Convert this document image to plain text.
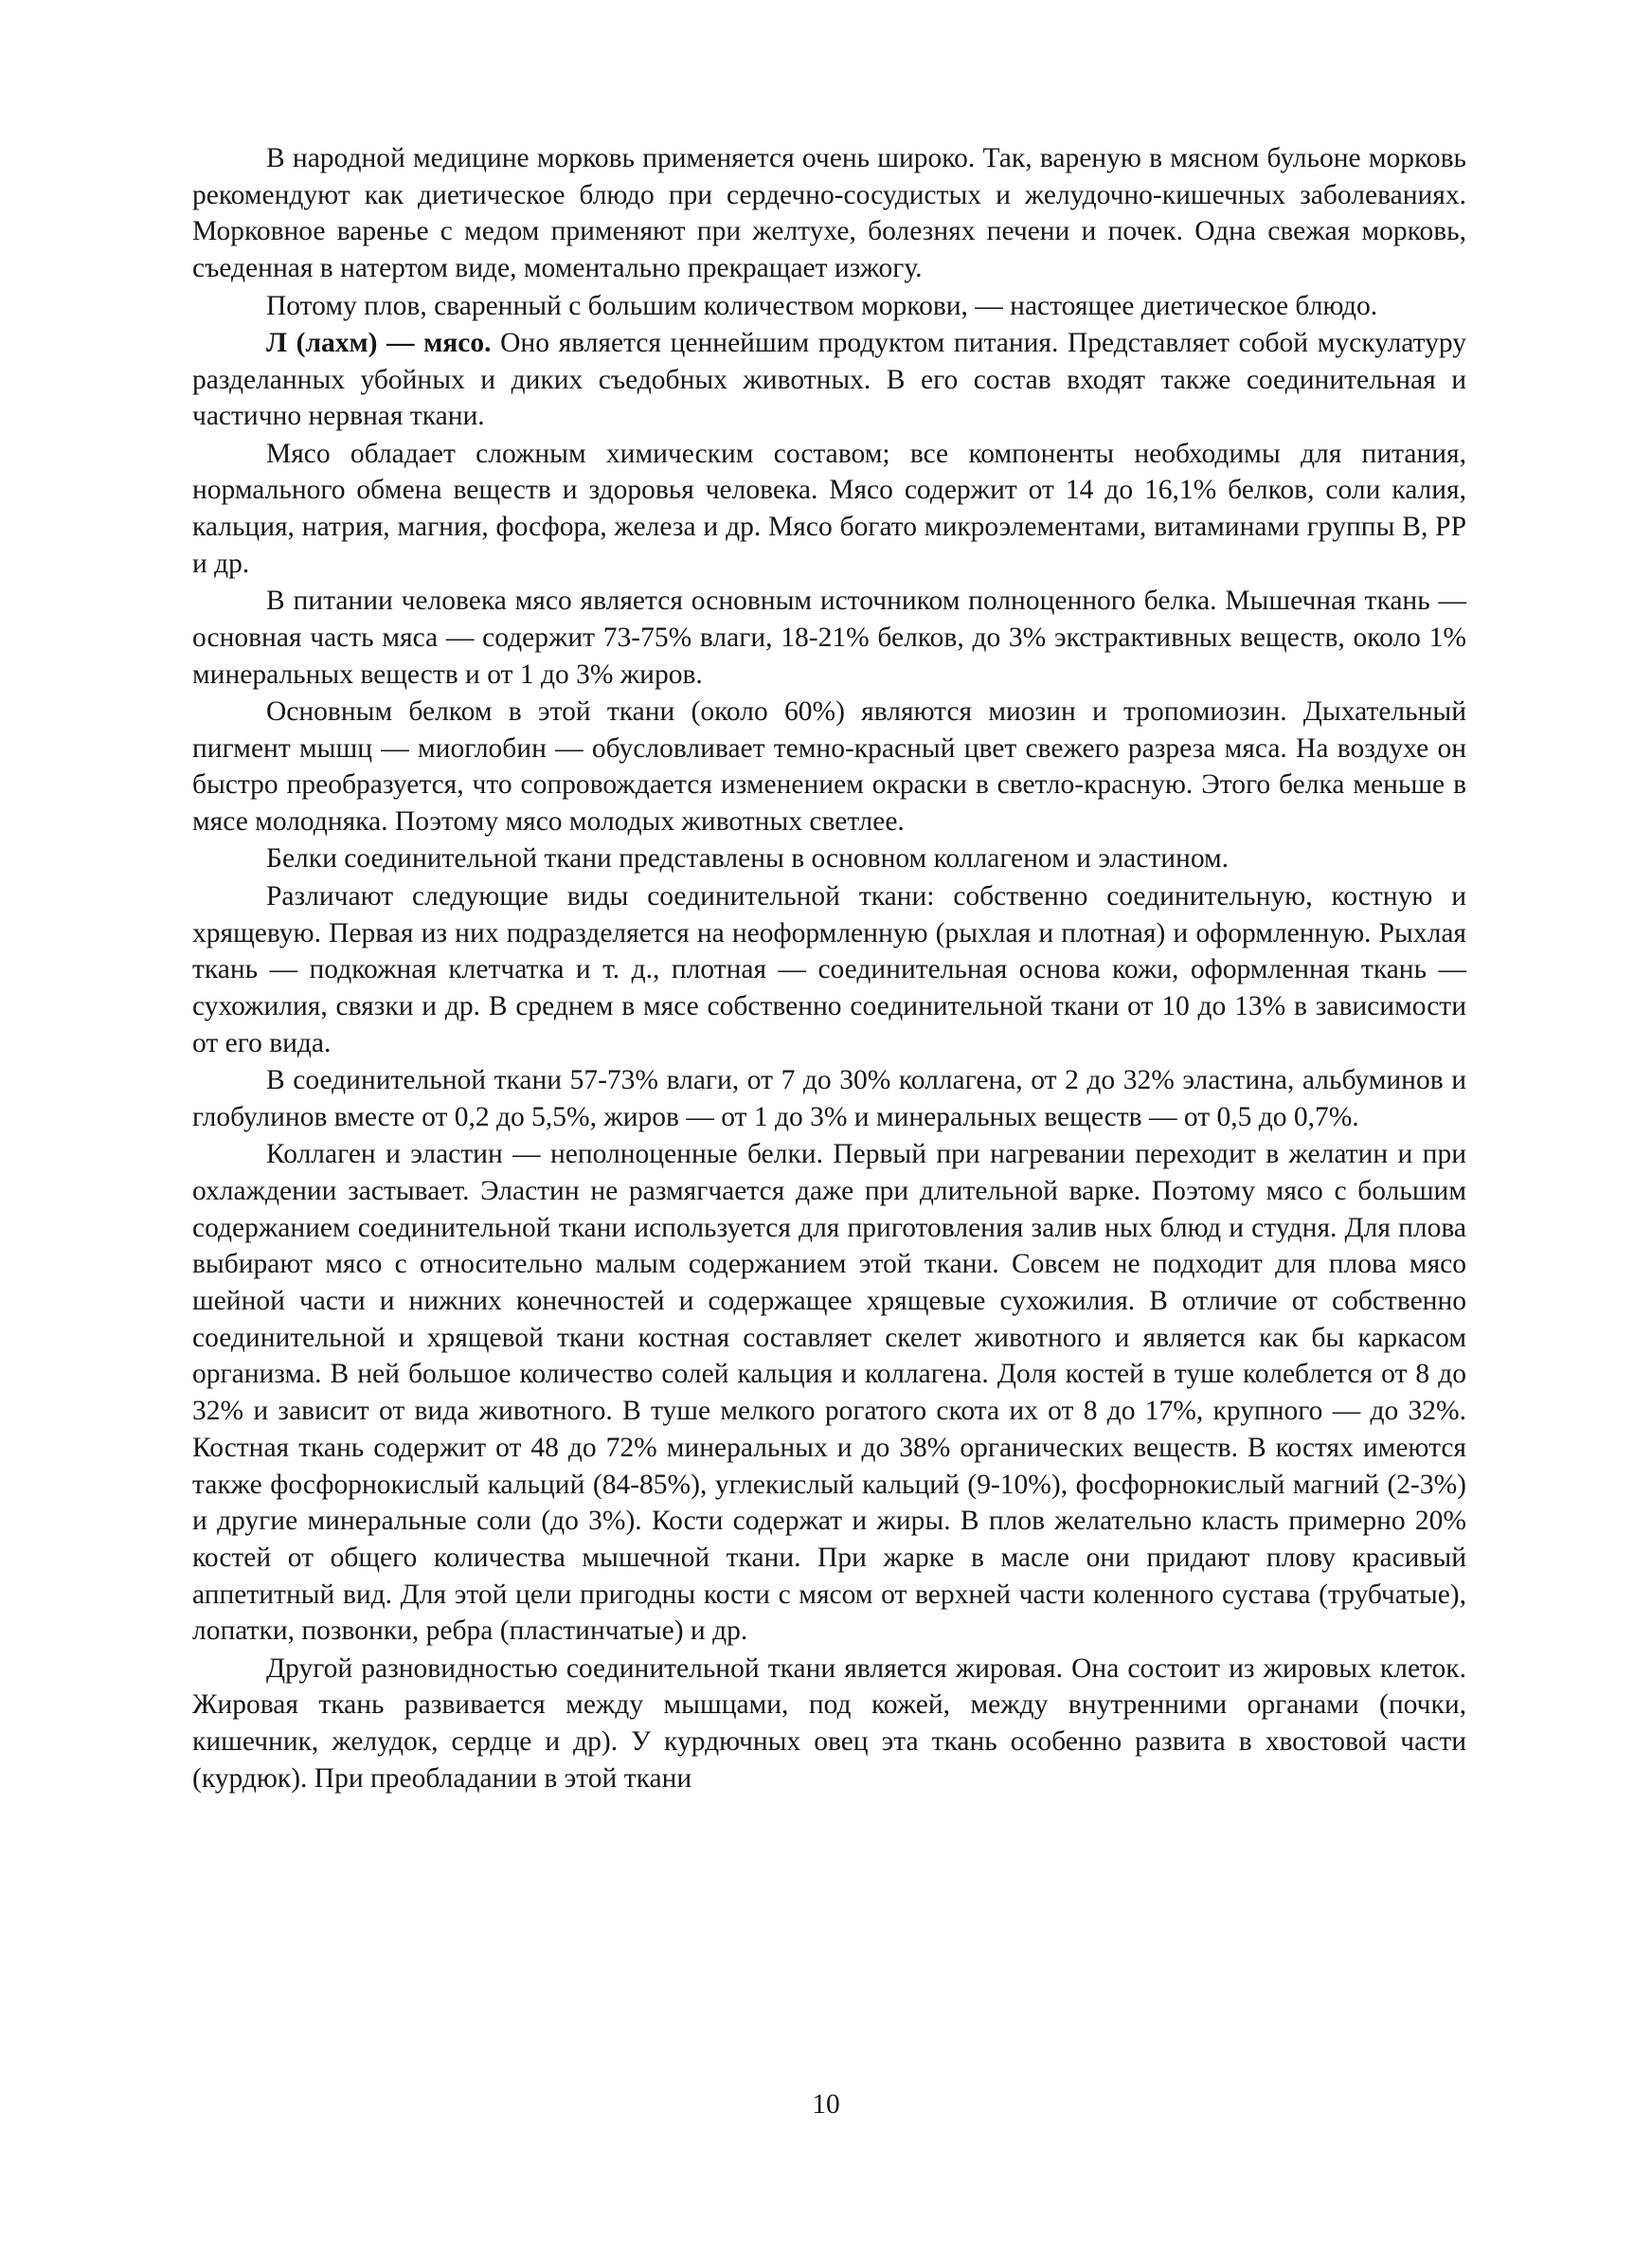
В народной медицине морковь применяется очень широко. Так, вареную в мясном бульоне морковь рекомендуют как диетическое блюдо при сердечно-сосудистых и желудочно-кишечных заболеваниях. Морковное варенье с медом применяют при желтухе, болезнях печени и почек. Одна свежая морковь, съеденная в натертом виде, моментально прекращает изжогу.

Потому плов, сваренный с большим количеством моркови, — настоящее диетическое блюдо.

Л (лахм) — мясо. Оно является ценнейшим продуктом питания. Представляет собой мускулатуру разделанных убойных и диких съедобных животных. В его состав входят также соединительная и частично нервная ткани.

Мясо обладает сложным химическим составом; все компоненты необходимы для питания, нормального обмена веществ и здоровья человека. Мясо содержит от 14 до 16,1% белков, соли калия, кальция, натрия, магния, фосфора, железа и др. Мясо богато микроэлементами, витаминами группы В, РР и др.

В питании человека мясо является основным источником полноценного белка. Мышечная ткань — основная часть мяса — содержит 73-75% влаги, 18-21% белков, до 3% экстрактивных веществ, около 1% минеральных веществ и от 1 до 3% жиров.

Основным белком в этой ткани (около 60%) являются миозин и тропомиозин. Дыхательный пигмент мышц — миоглобин — обусловливает темно-красный цвет свежего разреза мяса. На воздухе он быстро преобразуется, что сопровождается изменением окраски в светло-красную. Этого белка меньше в мясе молодняка. Поэтому мясо молодых животных светлее.

Белки соединительной ткани представлены в основном коллагеном и эластином.

Различают следующие виды соединительной ткани: собственно соединительную, костную и хрящевую. Первая из них подразделяется на неоформленную (рыхлая и плотная) и оформленную. Рыхлая ткань — подкожная клетчатка и т. д., плотная — соединительная основа кожи, оформленная ткань — сухожилия, связки и др. В среднем в мясе собственно соединительной ткани от 10 до 13% в зависимости от его вида.

В соединительной ткани 57-73% влаги, от 7 до 30% коллагена, от 2 до 32% эластина, альбуминов и глобулинов вместе от 0,2 до 5,5%, жиров — от 1 до 3% и минеральных веществ — от 0,5 до 0,7%.

Коллаген и эластин — неполноценные белки. Первый при нагревании переходит в желатин и при охлаждении застывает. Эластин не размягчается даже при длительной варке. Поэтому мясо с большим содержанием соединительной ткани используется для приготовления залив ных блюд и студня. Для плова выбирают мясо с относительно малым содержанием этой ткани. Совсем не подходит для плова мясо шейной части и нижних конечностей и содержащее хрящевые сухожилия. В отличие от собственно соединительной и хрящевой ткани костная составляет скелет животного и является как бы каркасом организма. В ней большое количество солей кальция и коллагена. Доля костей в туше колеблется от 8 до 32% и зависит от вида животного. В туше мелкого рогатого скота их от 8 до 17%, крупного — до 32%. Костная ткань содержит от 48 до 72% минеральных и до 38% органических веществ. В костях имеются также фосфорнокислый кальций (84-85%), углекислый кальций (9-10%), фосфорнокислый магний (2-3%) и другие минеральные соли (до 3%). Кости содержат и жиры. В плов желательно класть примерно 20% костей от общего количества мышечной ткани. При жарке в масле они придают плову красивый аппетитный вид. Для этой цели пригодны кости с мясом от верхней части коленного сустава (трубчатые), лопатки, позвонки, ребра (пластинчатые) и др.

Другой разновидностью соединительной ткани является жировая. Она состоит из жировых клеток. Жировая ткань развивается между мышцами, под кожей, между внутренними органами (почки, кишечник, желудок, сердце и др). У курдючных овец эта ткань особенно развита в хвостовой части (курдюк). При преобладании в этой ткани

10
